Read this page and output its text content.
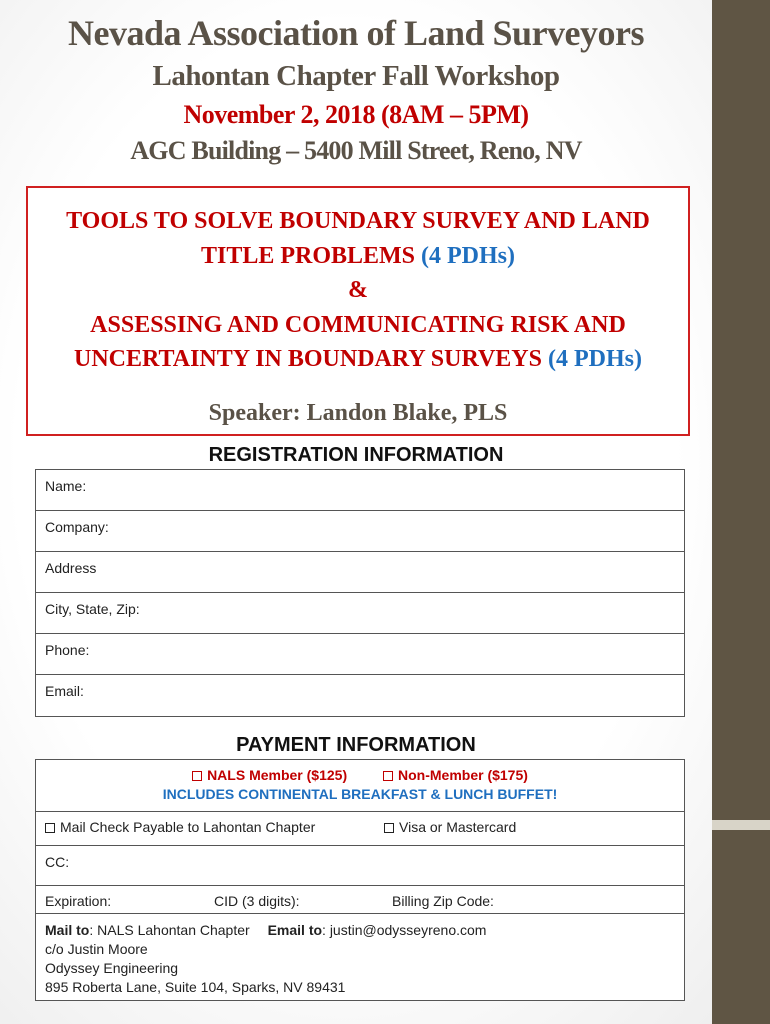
Nevada Association of Land Surveyors
Lahontan Chapter Fall Workshop
November 2, 2018 (8AM – 5PM)
AGC Building – 5400 Mill Street, Reno, NV
TOOLS TO SOLVE BOUNDARY SURVEY AND LAND
TITLE PROBLEMS (4 PDHs)
&
ASSESSING AND COMMUNICATING RISK AND
UNCERTAINTY IN BOUNDARY SURVEYS (4 PDHs)
Speaker: Landon Blake, PLS
REGISTRATION INFORMATION
Name:
Company:
Address
City, State, Zip:
Phone:
Email:
PAYMENT INFORMATION
NALS Member ($125)	Non-Member ($175)
INCLUDES CONTINENTAL BREAKFAST & LUNCH BUFFET!
Mail Check Payable to Lahontan Chapter	Visa or Mastercard
CC:
Expiration:	CID (3 digits):	Billing Zip Code:

Mail to: NALS Lahontan Chapter Email to: justin@odysseyreno.com

c/o Justin Moore

Odyssey Engineering

895 Roberta Lane, Suite 104, Sparks, NV 89431
